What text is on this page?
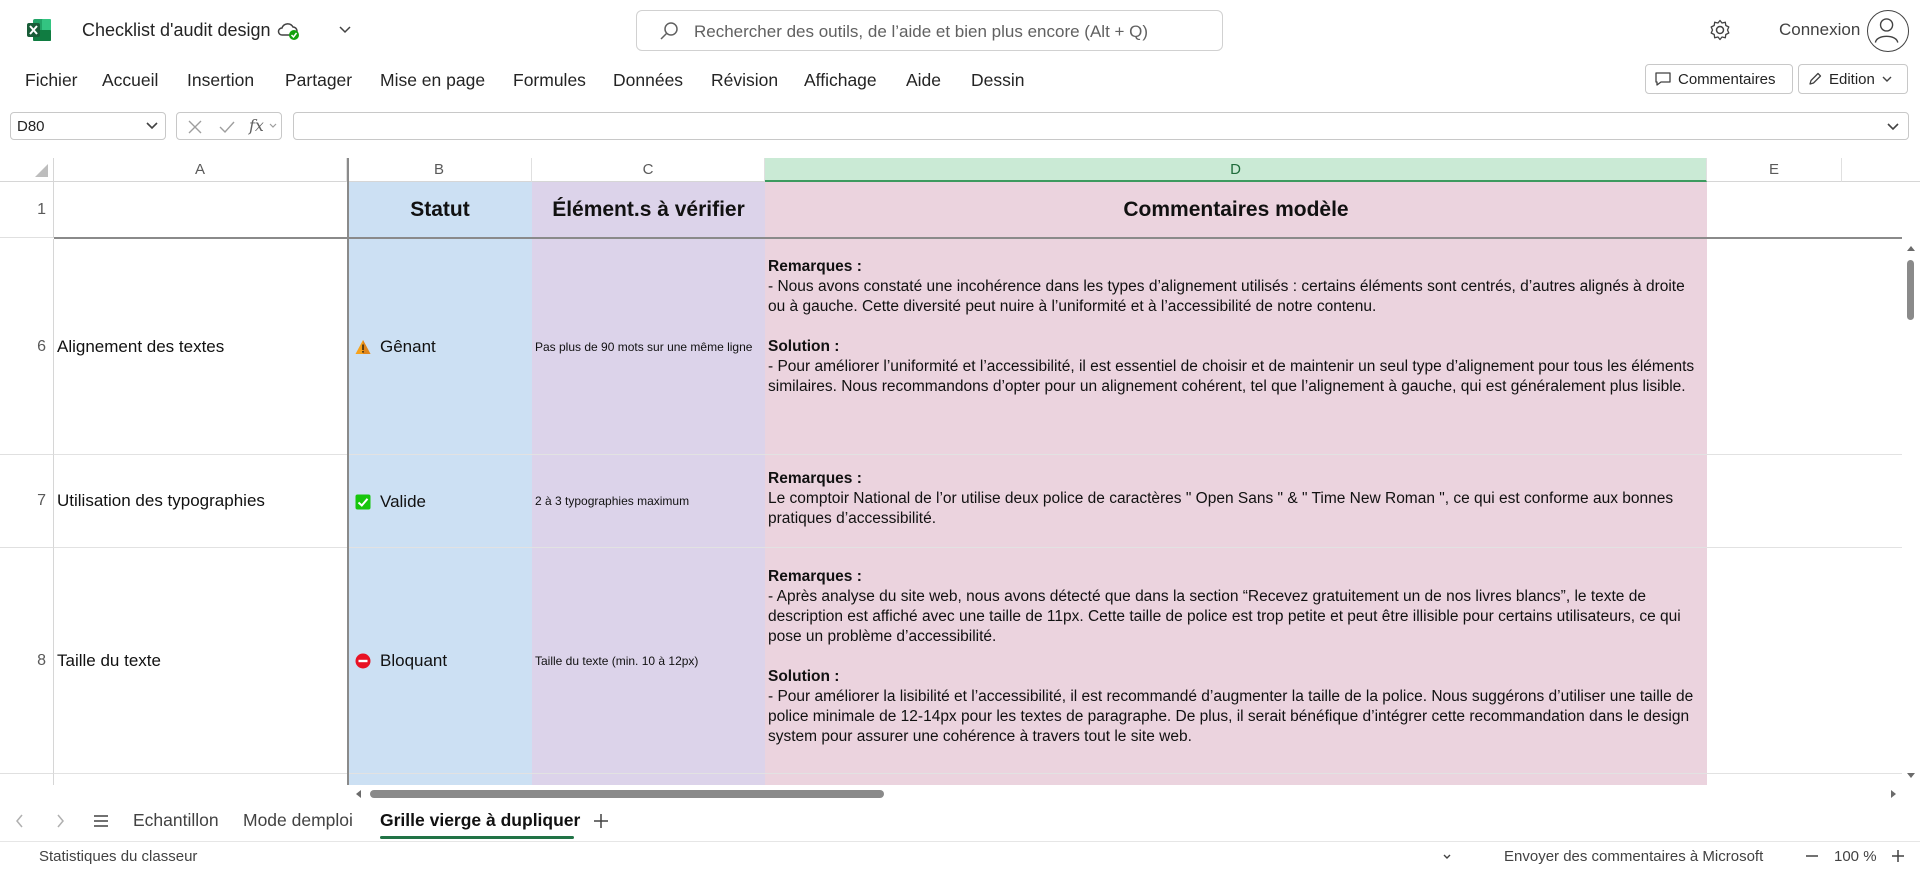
Checklist d'audit design	Rechercher des outils, de l’aide et bien plus encore (Alt + Q)	Connexion
Fichier Accueil Insertion Partager Mise en page Formules Données Révision Affichage Aide Dessin	Commentaires	Edition
D80	fx
A	B	C	D	E
1	Statut	Élément.s à vérifier	Commentaires modèle
6 Alignement des textes	Gênant	Pas plus de 90 mots sur une même ligne
Remarques :
- Nous avons constaté une incohérence dans les types d’alignement utilisés : certains éléments sont centrés, d’autres alignés à droite ou à gauche. Cette diversité peut nuire à l’uniformité et à l’accessibilité de notre contenu.
Solution :
- Pour améliorer l’uniformité et l’accessibilité, il est essentiel de choisir et de maintenir un seul type d’alignement pour tous les éléments similaires. Nous recommandons d’opter pour un alignement cohérent, tel que l’alignement à gauche, qui est généralement plus lisible.
7 Utilisation des typographies	Valide	2 à 3 typographies maximum
Remarques :
Le comptoir National de l’or utilise deux police de caractères " Open Sans " & " Time New Roman ", ce qui est conforme aux bonnes pratiques d’accessibilité.
8 Taille du texte	Bloquant	Taille du texte (min. 10 à 12px)
Remarques :
- Après analyse du site web, nous avons détecté que dans la section “Recevez gratuitement un de nos livres blancs”, le texte de description est affiché avec une taille de 11px. Cette taille de police est trop petite et peut être illisible pour certains utilisateurs, ce qui pose un problème d’accessibilité.
Solution :
- Pour améliorer la lisibilité et l’accessibilité, il est recommandé d’augmenter la taille de la police. Nous suggérons d’utiliser une taille de police minimale de 12-14px pour les textes de paragraphe. De plus, il serait bénéfique d’intégrer cette recommandation dans le design system pour assurer une cohérence à travers tout le site web.
Echantillon Mode demploi Grille vierge à dupliquer
Statistiques du classeur	Envoyer des commentaires à Microsoft	100 %
